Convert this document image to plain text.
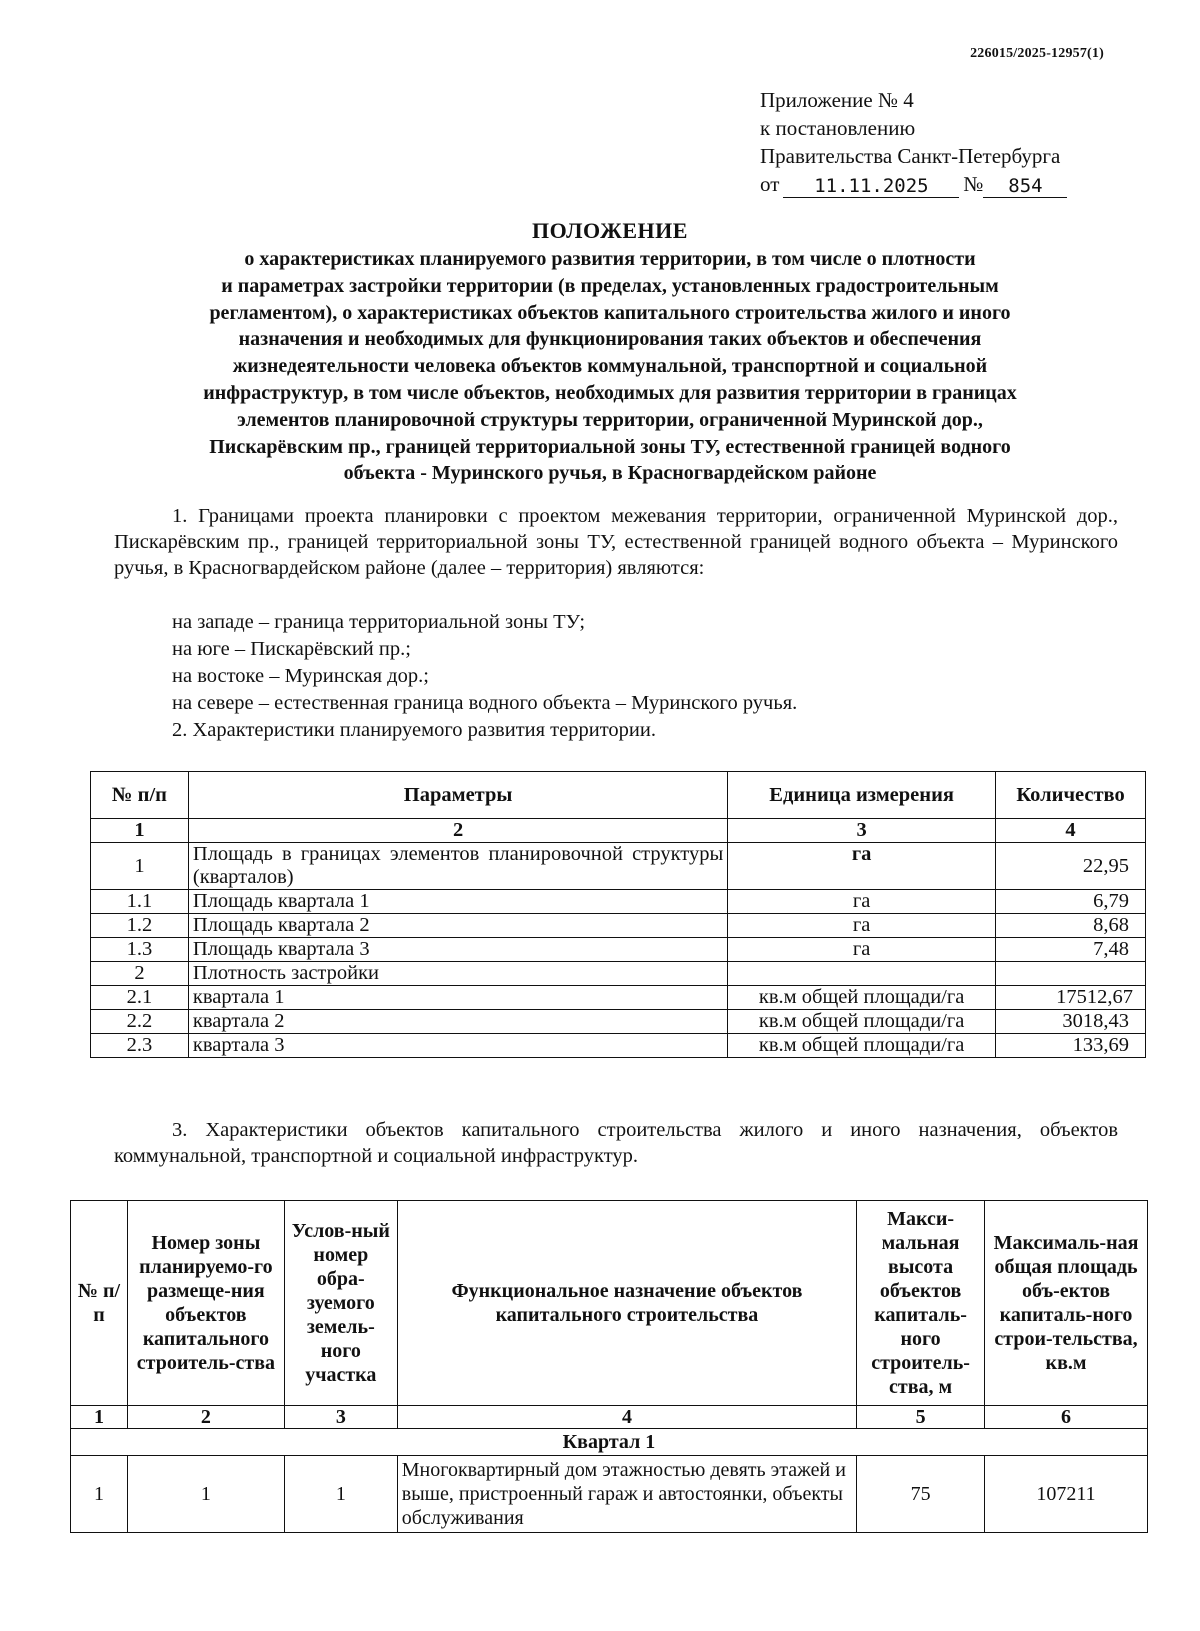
226015/2025-12957(1)
Приложение № 4
к постановлению
Правительства Санкт-Петербурга
от	11.11.2025	№	854
ПОЛОЖЕНИЕ
о характеристиках планируемого развития территории, в том числе о плотности
и параметрах застройки территории (в пределах, установленных градостроительным
регламентом), о характеристиках объектов капитального строительства жилого и иного
назначения и необходимых для функционирования таких объектов и обеспечения
жизнедеятельности человека объектов коммунальной, транспортной и социальной
инфраструктур, в том числе объектов, необходимых для развития территории в границах
элементов планировочной структуры территории, ограниченной Муринской дор.,
Пискарёвским пр., границей территориальной зоны ТУ, естественной границей водного
объекта - Муринского ручья, в Красногвардейском районе
1. Границами проекта планировки с проектом межевания территории, ограниченной Муринской дор., Пискарёвским пр., границей территориальной зоны ТУ, естественной границей водного объекта – Муринского ручья, в Красногвардейском районе (далее – территория) являются:
на западе – граница территориальной зоны ТУ;
на юге – Пискарёвский пр.;
на востоке – Муринская дор.;
на севере – естественная граница водного объекта – Муринского ручья.
2. Характеристики планируемого развития территории.
№ п/п	Параметры	Единица измерения	Количество
1	2	3	4
1	Площадь в границах элементов планировочной структуры (кварталов)	га	22,95
1.1	Площадь квартала 1	га	6,79
1.2	Площадь квартала 2	га	8,68
1.3	Площадь квартала 3	га	7,48
2	Плотность застройки		
2.1	квартала 1	кв.м общей площади/га	17512,67
2.2	квартала 2	кв.м общей площади/га	3018,43
2.3	квартала 3	кв.м общей площади/га	133,69
3. Характеристики объектов капитального строительства жилого и иного назначения, объектов коммунальной, транспортной и социальной инфраструктур.
№ п/п	Номер зоны планируемо-го размеще-ния объектов капитального строитель-ства	Услов-ный номер обра-зуемого земель-ного участка	Функциональное назначение объектов капитального строительства	Макси-мальная высота объектов капиталь-ного строитель-ства, м	Максималь-ная общая площадь объ-ектов капиталь-ного строи-тельства, кв.м
1	2	3	4	5	6
Квартал 1					
1	1	1	Многоквартирный дом этажностью девять этажей и выше, пристроенный гараж и автостоянки, объекты обслуживания	75	107211
